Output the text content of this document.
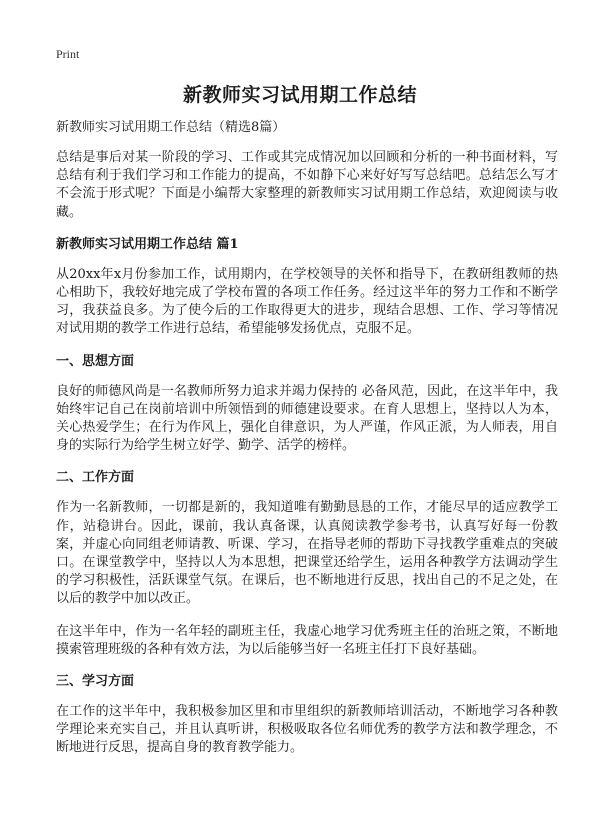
Print
新教师实习试用期工作总结
新教师实习试用期工作总结（精选8篇）

总结是事后对某一阶段的学习、工作或其完成情况加以回顾和分析的一种书面材料，写总结有利于我们学习和工作能力的提高，不如静下心来好好写写总结吧。总结怎么写才不会流于形式呢？下面是小编帮大家整理的新教师实习试用期工作总结，欢迎阅读与收藏。

新教师实习试用期工作总结 篇1

从20xx年x月份参加工作，试用期内，在学校领导的关怀和指导下，在教研组教师的热心相助下，我较好地完成了学校布置的各项工作任务。经过这半年的努力工作和不断学习，我获益良多。为了使今后的工作取得更大的进步，现结合思想、工作、学习等情况对试用期的教学工作进行总结，希望能够发扬优点，克服不足。

一、思想方面

良好的师德风尚是一名教师所努力追求并竭力保持的 必备风范，因此，在这半年中，我始终牢记自己在岗前培训中所领悟到的师德建设要求。在育人思想上，坚持以人为本，关心热爱学生；在行为作风上，强化自律意识，为人严谨，作风正派，为人师表，用自身的实际行为给学生树立好学、勤学、活学的榜样。

二、工作方面

作为一名新教师，一切都是新的，我知道唯有勤勤恳恳的工作，才能尽早的适应教学工作，站稳讲台。因此，课前，我认真备课，认真阅读教学参考书，认真写好每一份教案，并虚心向同组老师请教、听课、学习，在指导老师的帮助下寻找教学重难点的突破口。在课堂教学中，坚持以人为本思想，把课堂还给学生，运用各种教学方法调动学生的学习积极性，活跃课堂气氛。在课后，也不断地进行反思，找出自己的不足之处，在以后的教学中加以改正。

在这半年中，作为一名年轻的副班主任，我虚心地学习优秀班主任的治班之策，不断地摸索管理班级的各种有效方法，为以后能够当好一名班主任打下良好基础。

三、学习方面

在工作的这半年中，我积极参加区里和市里组织的新教师培训活动，不断地学习各种教学理论来充实自己，并且认真听讲，积极吸取各位名师优秀的教学方法和教学理念，不断地进行反思，提高自身的教育教学能力。
